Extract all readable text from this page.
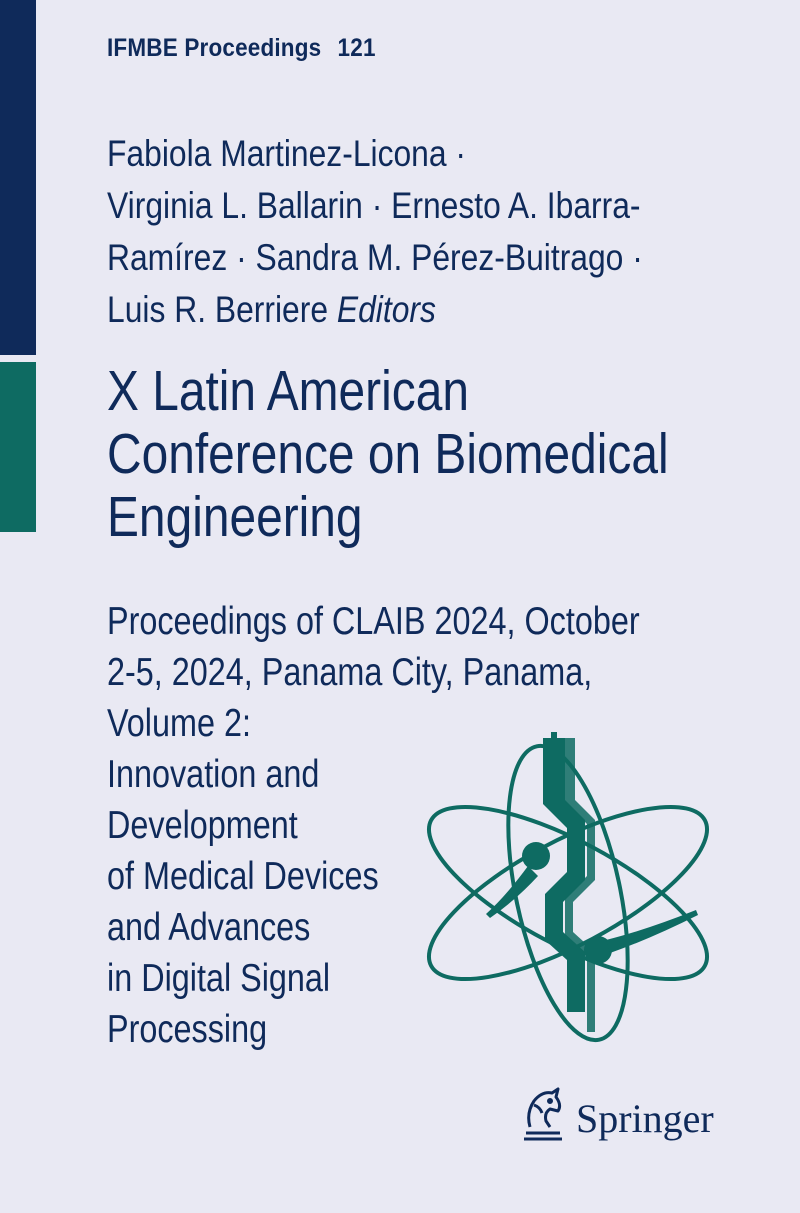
IFMBE Proceedings 121
Fabiola Martinez-Licona ·
Virginia L. Ballarin · Ernesto A. Ibarra-
Ramírez · Sandra M. Pérez-Buitrago ·
Luis R. Berriere Editors
X Latin American
Conference on Biomedical
Engineering
Proceedings of CLAIB 2024, October
2-5, 2024, Panama City, Panama,
Volume 2:
Innovation and
Development
of Medical Devices
and Advances
in Digital Signal
Processing
Springer
